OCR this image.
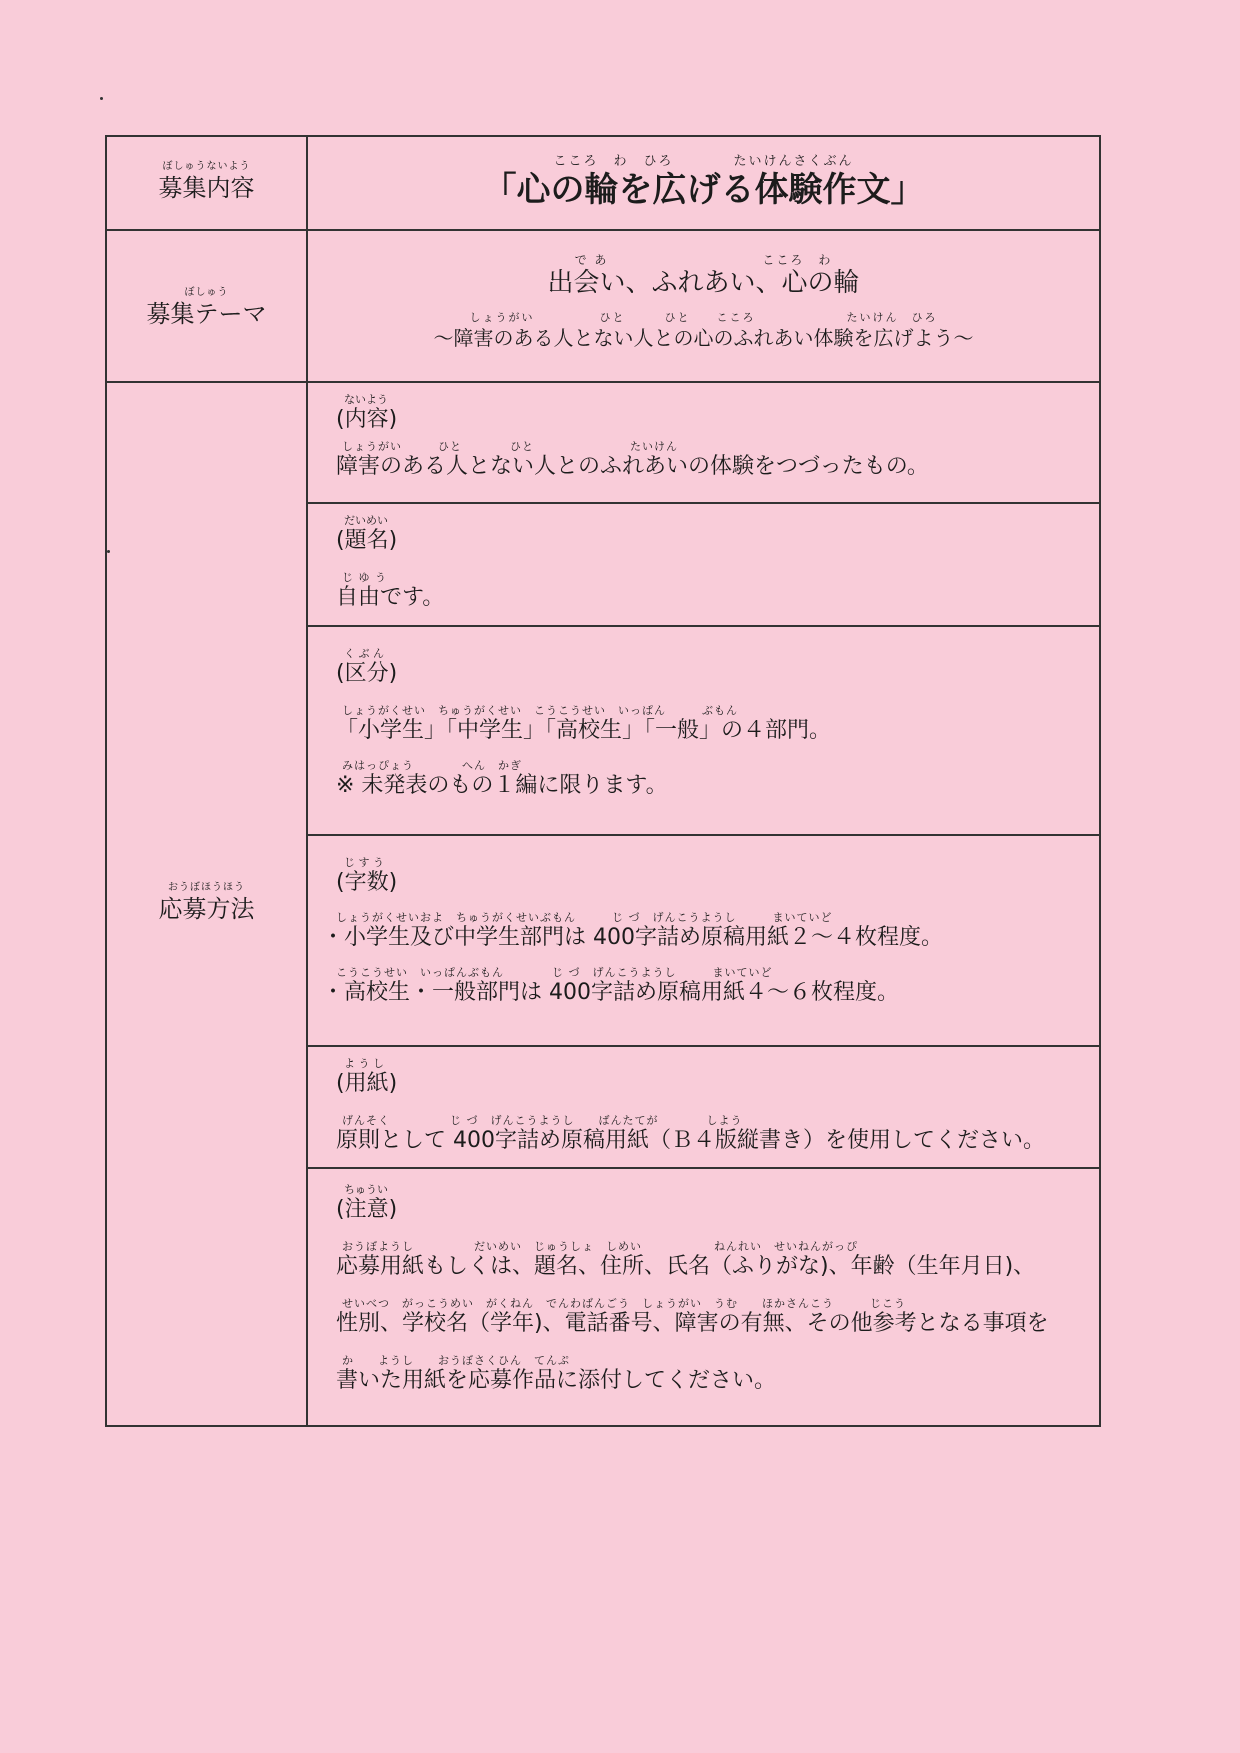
ぼしゅうないよう
募集内容
こころ　わ　ひろ　　　　たいけんさくぶん
「心の輪を広げる体験作文」
ぼしゅう
募集テーマ
で あ　　　　　　　　　　　こころ　わ
出会い、ふれあい、心の輪
しょうがい　　　　　ひと　　　ひと　　こころ　　　　　　　たいけん　ひろ
～障害のある人とない人との心のふれあい体験を広げよう～
おうぼほうほう
応募方法
ないよう
(内容)
しょうがい　　　ひと　　　　ひと　　　　　　　　たいけん
障害のある人とない人とのふれあいの体験をつづったもの。
だいめい
(題名)
じ ゆ う
自由です。
く ぶ ん
(区分)
しょうがくせい　ちゅうがくせい　こうこうせい　いっぱん　　　ぶもん
「小学生」「中学生」「高校生」「一般」の４部門。
みはっぴょう　　　　へん　かぎ
※ 未発表のもの１編に限ります。
じ す う
(字数)
しょうがくせいおよ　ちゅうがくせいぶもん　　　じ づ　げんこうようし　　　まいていど
・小学生及び中学生部門は 400字詰め原稿用紙２～４枚程度。
こうこうせい　いっぱんぶもん　　　　じ づ　げんこうようし　　　まいていど
・高校生・一般部門は 400字詰め原稿用紙４～６枚程度。
よ う し
(用紙)
げんそく　　　　　じ づ　げんこうようし　　ばんたてが　　　　しよう
原則として 400字詰め原稿用紙（Ｂ４版縦書き）を使用してください。
ちゅうい
(注意)
おうぼようし　　　　　だいめい　じゅうしょ　しめい　　　　　　ねんれい　せいねんがっぴ
応募用紙もしくは、題名、住所、氏名（ふりがな)、年齢（生年月日)、
せいべつ　がっこうめい　がくねん　でんわばんごう　しょうがい　うむ　　ほかさんこう　　　じこう
性別、学校名（学年)、電話番号、障害の有無、その他参考となる事項を
か　　ようし　　おうぼさくひん　てんぷ
書いた用紙を応募作品に添付してください。
